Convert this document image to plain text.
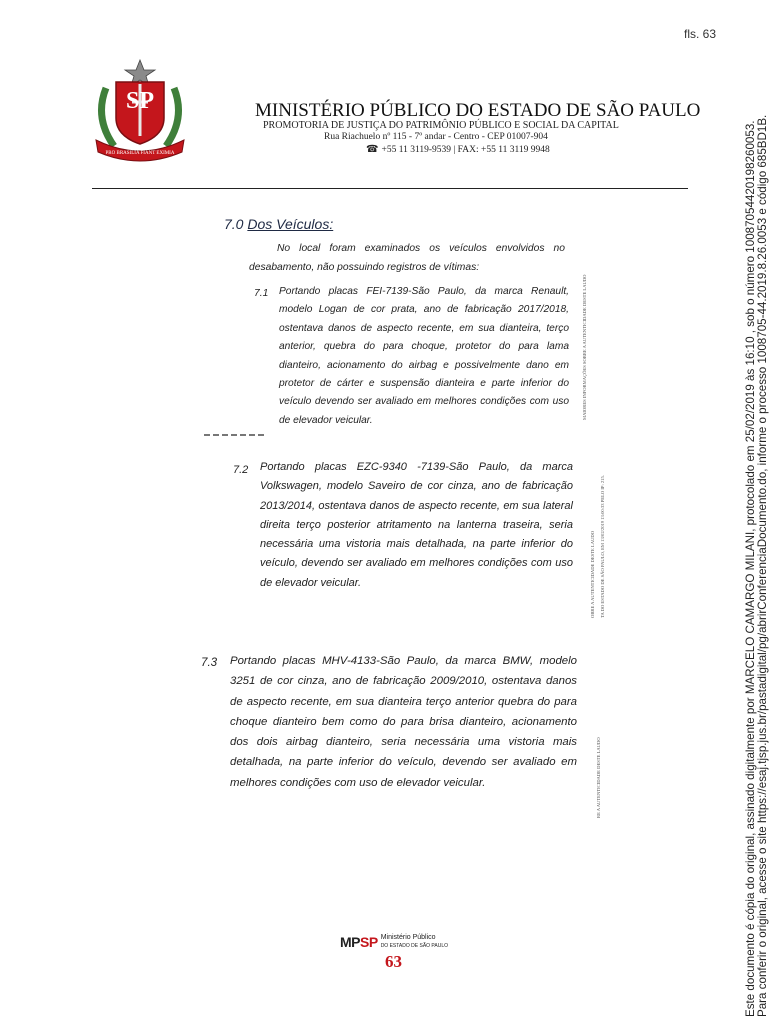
fls. 63
SP
PRO BRASILIA FIANT EXIMIA
MINISTÉRIO PÚBLICO DO ESTADO DE SÃO PAULO
PROMOTORIA DE JUSTIÇA DO PATRIMÔNIO PÚBLICO E SOCIAL DA CAPITAL
Rua Riachuelo nº 115 - 7º andar - Centro - CEP 01007-904
☎ +55 11 3119-9539 | FAX: +55 11 3119 9948
7.0 Dos Veículos:
No local foram examinados os veículos envolvidos no desabamento, não possuindo registros de vítimas:
7.1 Portando placas FEI-7139-São Paulo, da marca Renault, modelo Logan de cor prata, ano de fabricação 2017/2018, ostentava danos de aspecto recente, em sua dianteira, terço anterior, quebra do para choque, protetor do para lama dianteiro, acionamento do airbag e possivelmente dano em protetor de cárter e suspensão dianteira e parte inferior do veículo devendo ser avaliado em melhores condições com uso de elevador veicular.
7.2 Portando placas EZC-9340 -7139-São Paulo, da marca Volkswagen, modelo Saveiro de cor cinza, ano de fabricação 2013/2014, ostentava danos de aspecto recente, em sua lateral direita terço posterior atritamento na lanterna traseira, seria necessária uma vistoria mais detalhada, na parte inferior do veículo, devendo ser avaliado em melhores condições com uso de elevador veicular.
7.3 Portando placas MHV-4133-São Paulo, da marca BMW, modelo 3251 de cor cinza, ano de fabricação 2009/2010, ostentava danos de aspecto recente, em sua dianteira terço anterior quebra do para choque dianteiro bem como do para brisa dianteiro, acionamento dos dois airbag dianteiro, seria necessária uma vistoria mais detalhada, na parte inferior do veículo, devendo ser avaliado em melhores condições com uso de elevador veicular.
MAIORES INFORMAÇÕES SOBRE A AUTENTICIDADE DESTE LAUDO
OBRE A AUTENTICIDADE DESTE LAUDO TA DO ESTADO DE SÃO PAULO, EM 13/02/2019 13:00:33 PELO IP: 215.
RE A AUTENTICIDADE DESTE LAUDO
MPSP Ministério Público
DO ESTADO DE SÃO PAULO
63	Este documento é cópia do original, assinado digitalmente por MARCELO CAMARGO MILANI, protocolado em 25/02/2019 às 16:10 , sob o número 10087054420198260053. Para conferir o original, acesse o site https://esaj.tjsp.jus.br/pastadigital/pg/abrirConferenciaDocumento.do, informe o processo 1008705-44.2019.8.26.0053 e código 685BD1B.
